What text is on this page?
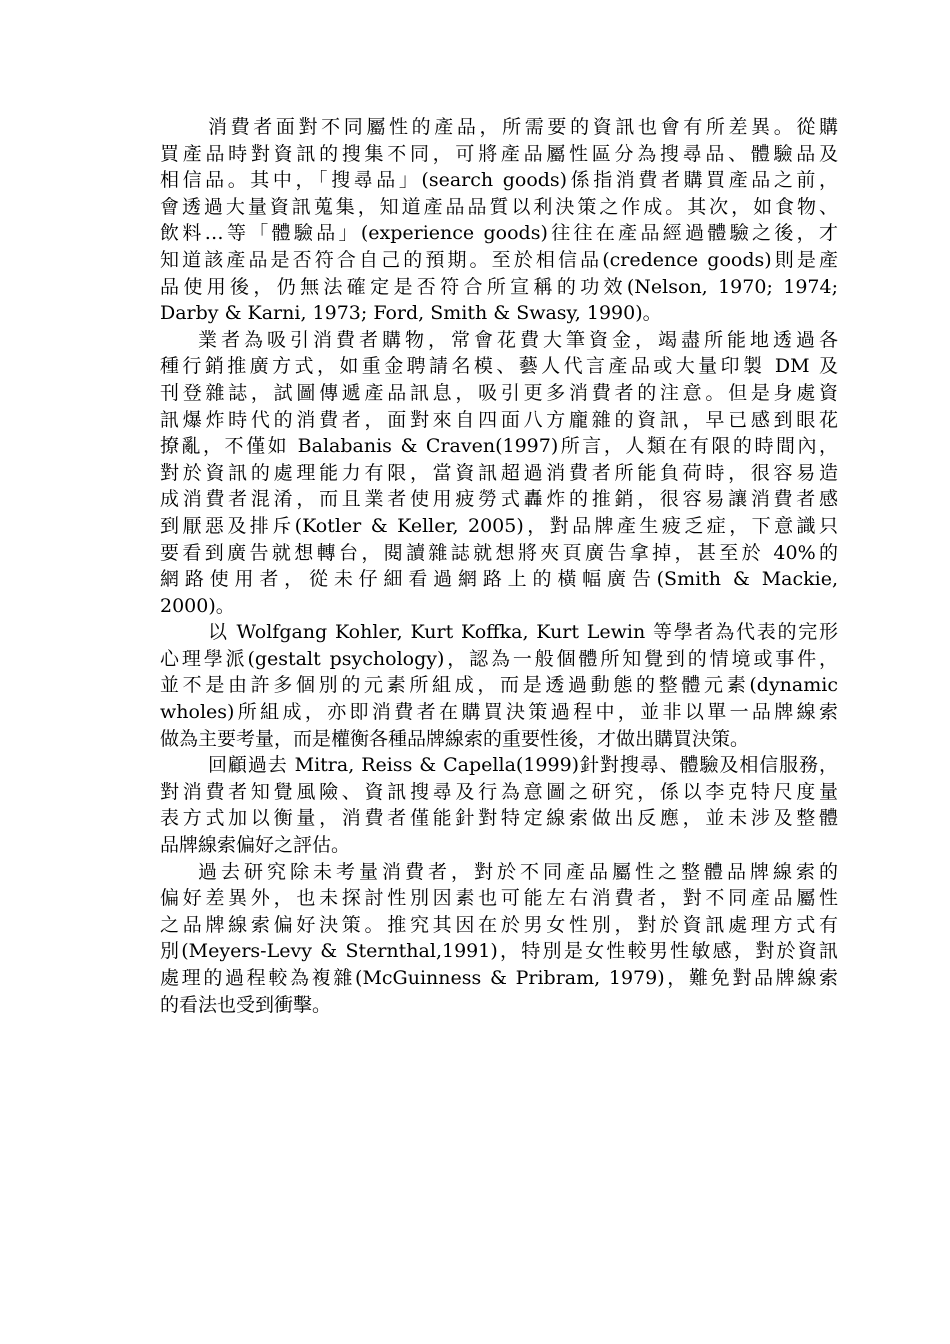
消費者面對不同屬性的產品，所需要的資訊也會有所差異。從購
買產品時對資訊的搜集不同，可將產品屬性區分為搜尋品、體驗品及
相信品。其中，「搜尋品」(search goods)係指消費者購買產品之前，
會透過大量資訊蒐集，知道產品品質以利決策之作成。其次，如食物、
飲料…等「體驗品」(experience goods)往往在產品經過體驗之後，才
知道該產品是否符合自己的預期。至於相信品(credence goods)則是產
品使用後，仍無法確定是否符合所宣稱的功效(Nelson, 1970; 1974;
Darby & Karni, 1973; Ford, Smith & Swasy, 1990)。
業者為吸引消費者購物，常會花費大筆資金，竭盡所能地透過各
種行銷推廣方式，如重金聘請名模、藝人代言產品或大量印製 DM 及
刊登雜誌，試圖傳遞產品訊息，吸引更多消費者的注意。但是身處資
訊爆炸時代的消費者，面對來自四面八方龐雜的資訊，早已感到眼花
撩亂，不僅如 Balabanis & Craven(1997)所言，人類在有限的時間內，
對於資訊的處理能力有限，當資訊超過消費者所能負荷時，很容易造
成消費者混淆，而且業者使用疲勞式轟炸的推銷，很容易讓消費者感
到厭惡及排斥(Kotler & Keller, 2005)，對品牌產生疲乏症，下意識只
要看到廣告就想轉台，閱讀雜誌就想將夾頁廣告拿掉，甚至於 40%的
網路使用者，從未仔細看過網路上的橫幅廣告(Smith & Mackie,
2000)。
以 Wolfgang Kohler, Kurt Koffka, Kurt Lewin 等學者為代表的完形
心理學派(gestalt psychology)，認為一般個體所知覺到的情境或事件，
並不是由許多個別的元素所組成，而是透過動態的整體元素(dynamic
wholes)所組成，亦即消費者在購買決策過程中，並非以單一品牌線索
做為主要考量，而是權衡各種品牌線索的重要性後，才做出購買決策。
回顧過去 Mitra, Reiss & Capella(1999)針對搜尋、體驗及相信服務，
對消費者知覺風險、資訊搜尋及行為意圖之研究，係以李克特尺度量
表方式加以衡量，消費者僅能針對特定線索做出反應，並未涉及整體
品牌線索偏好之評估。
過去研究除未考量消費者，對於不同產品屬性之整體品牌線索的
偏好差異外，也未探討性別因素也可能左右消費者，對不同產品屬性
之品牌線索偏好決策。推究其因在於男女性別，對於資訊處理方式有
別(Meyers-Levy & Sternthal,1991)，特別是女性較男性敏感，對於資訊
處理的過程較為複雜(McGuinness & Pribram, 1979)，難免對品牌線索
的看法也受到衝擊。
